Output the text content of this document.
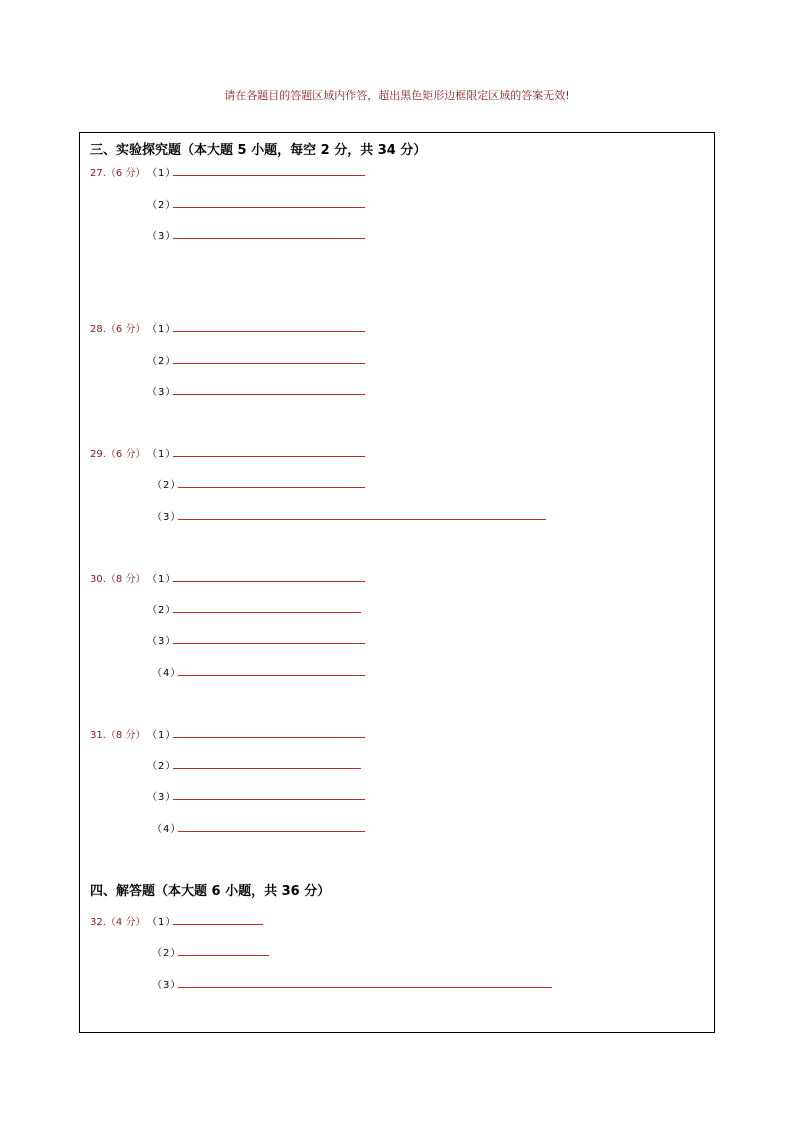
请在各题目的答题区域内作答，超出黑色矩形边框限定区域的答案无效!
三、实验探究题（本大题 5 小题，每空 2 分，共 34 分）
27.（6 分） （1）
（2）
（3）
28.（6 分） （1）
（2）
（3）
29.（6 分） （1）
（2）
（3）
30.（8 分） （1）
（2）
（3）
（4）
31.（8 分） （1）
（2）
（3）
（4）
四、解答题（本大题 6 小题，共 36 分）
32.（4 分） （1）
（2）
（3）
